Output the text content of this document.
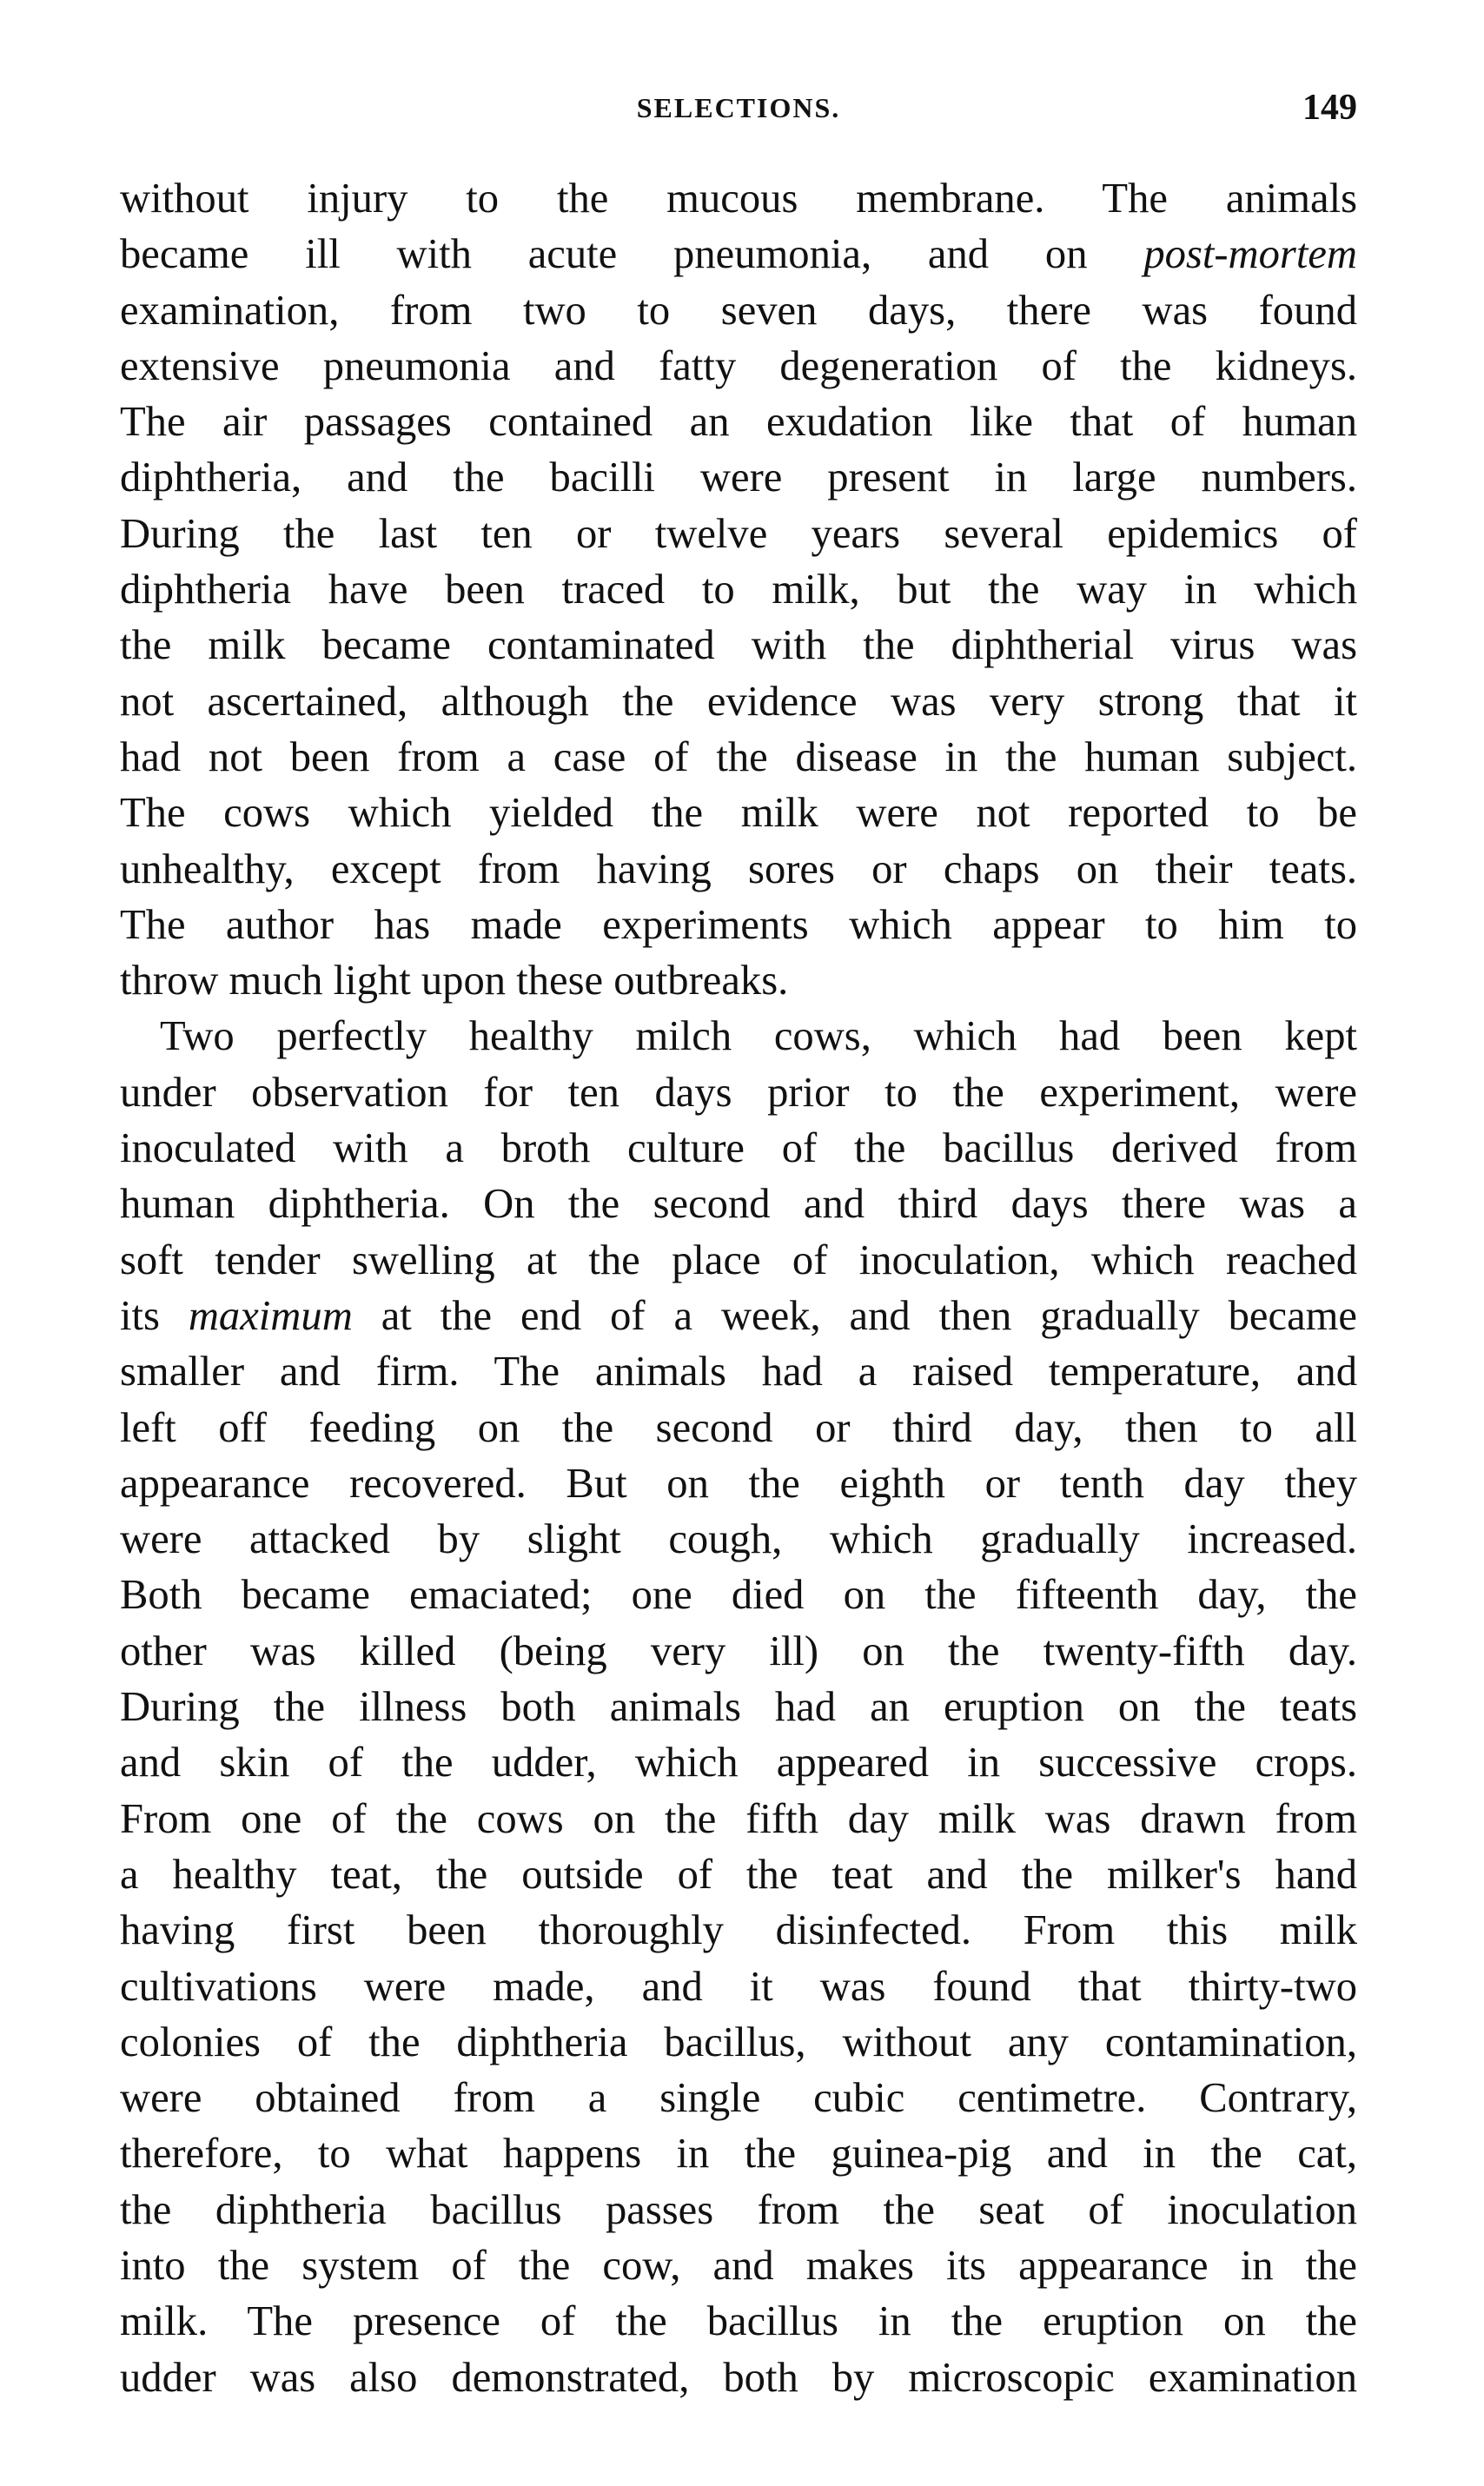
SELECTIONS.	149
without injury to the mucous membrane. The animals
became ill with acute pneumonia, and on post-mortem
examination, from two to seven days, there was found
extensive pneumonia and fatty degeneration of the kidneys.
The air passages contained an exudation like that of human
diphtheria, and the bacilli were present in large numbers.
During the last ten or twelve years several epidemics of
diphtheria have been traced to milk, but the way in which
the milk became contaminated with the diphtherial virus was
not ascertained, although the evidence was very strong that it
had not been from a case of the disease in the human subject.
The cows which yielded the milk were not reported to be
unhealthy, except from having sores or chaps on their teats.
The author has made experiments which appear to him to
throw much light upon these outbreaks.
Two perfectly healthy milch cows, which had been kept
under observation for ten days prior to the experiment, were
inoculated with a broth culture of the bacillus derived from
human diphtheria. On the second and third days there was a
soft tender swelling at the place of inoculation, which reached
its maximum at the end of a week, and then gradually became
smaller and firm. The animals had a raised temperature, and
left off feeding on the second or third day, then to all
appearance recovered. But on the eighth or tenth day they
were attacked by slight cough, which gradually increased.
Both became emaciated; one died on the fifteenth day, the
other was killed (being very ill) on the twenty-fifth day.
During the illness both animals had an eruption on the teats
and skin of the udder, which appeared in successive crops.
From one of the cows on the fifth day milk was drawn from
a healthy teat, the outside of the teat and the milker's hand
having first been thoroughly disinfected. From this milk
cultivations were made, and it was found that thirty-two
colonies of the diphtheria bacillus, without any contamination,
were obtained from a single cubic centimetre. Contrary,
therefore, to what happens in the guinea-pig and in the cat,
the diphtheria bacillus passes from the seat of inoculation
into the system of the cow, and makes its appearance in the
milk. The presence of the bacillus in the eruption on the
udder was also demonstrated, both by microscopic examination
